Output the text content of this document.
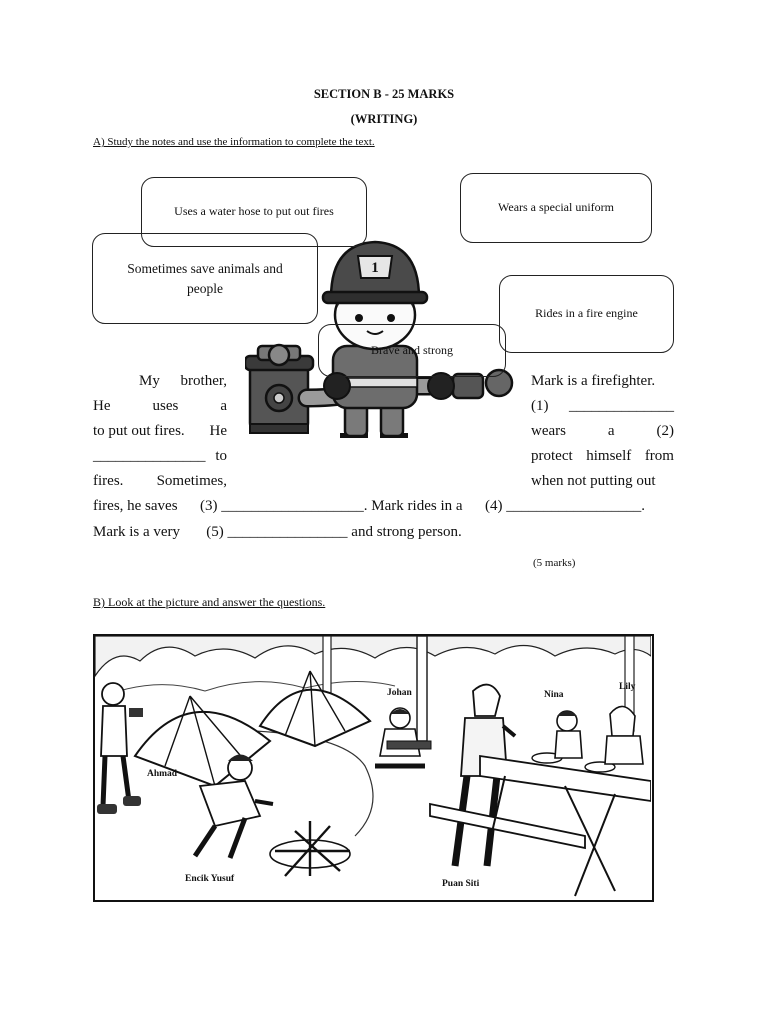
SECTION B - 25 MARKS
(WRITING)
A) Study the notes and use the information to complete the text.
1
Uses a water hose to put out fires	Wears a special uniform
Sometimes save animals and people
Rides in a fire engine
Brave and strong
My brother,
He	uses	a
to put out fires. He
_______________ to
fires. Sometimes,
Mark is a firefighter.
(1) ______________
wears	a	(2)
protect himself from
when not putting out
fires, he saves      (3) ___________________. Mark rides in a      (4) __________________.
Mark is a very       (5) ________________ and strong person.
(5 marks)
B) Look at the picture and answer the questions.
Johan	Nina
Lily
Ahmad
Encik Yusuf	Puan Siti
